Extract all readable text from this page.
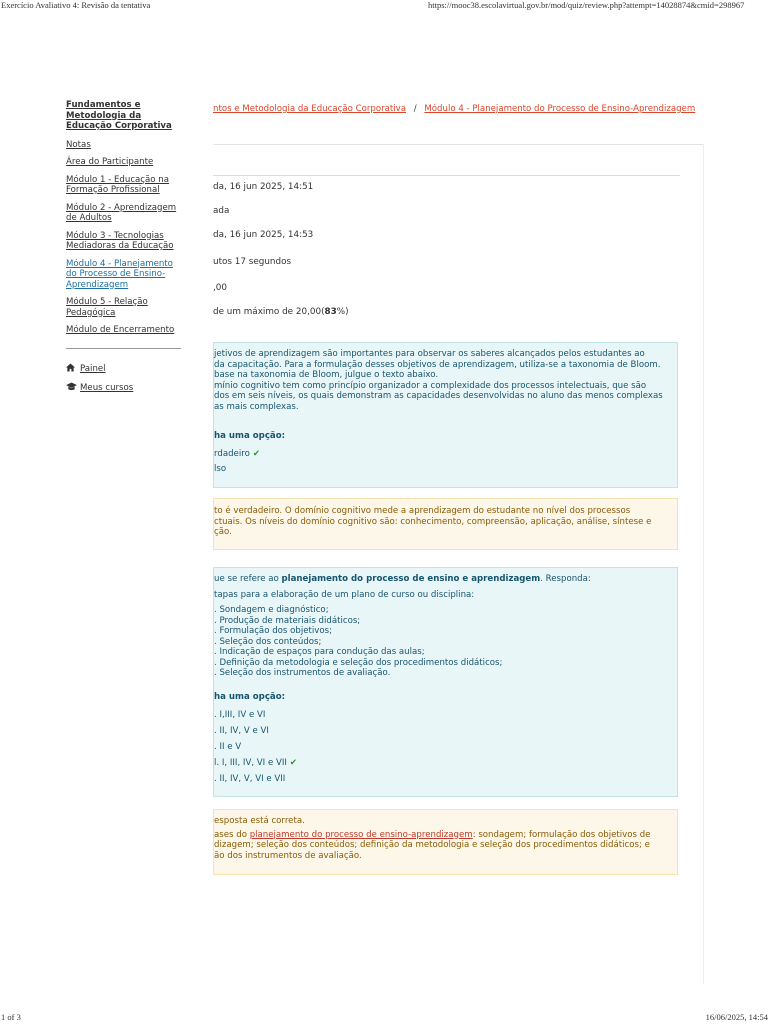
Exercício Avaliativo 4: Revisão da tentativa	https://mooc38.escolavirtual.gov.br/mod/quiz/review.php?attempt=14028874&cmid=298967
Fundamentos e Metodologia da Educação Corporativa
Notas
Área do Participante
Módulo 1 - Educação na Formação Profissional
Módulo 2 - Aprendizagem de Adultos
Módulo 3 - Tecnologias Mediadoras da Educação
Módulo 4 - Planejamento do Processo de Ensino-Aprendizagem
Módulo 5 - Relação Pedagógica
Módulo de Encerramento
Painel
Meus cursos
ntos e Metodologia da Educação Corporativa / Módulo 4 - Planejamento do Processo de Ensino-Aprendizagem
da, 16 jun 2025, 14:51
ada
da, 16 jun 2025, 14:53
utos 17 segundos
,00
de um máximo de 20,00(83%)

jetivos de aprendizagem são importantes para observar os saberes alcançados pelos estudantes ao

da capacitação. Para a formulação desses objetivos de aprendizagem, utiliza-se a taxonomia de Bloom.

base na taxonomia de Bloom, julgue o texto abaixo.

mínio cognitivo tem como princípio organizador a complexidade dos processos intelectuais, que são

dos em seis níveis, os quais demonstram as capacidades desenvolvidas no aluno das menos complexas

as mais complexas.

ha uma opção:

rdadeiro ✔
lso

to é verdadeiro. O domínio cognitivo mede a aprendizagem do estudante no nível dos processos

ctuais. Os níveis do domínio cognitivo são: conhecimento, compreensão, aplicação, análise, síntese e

ção.

ue se refere ao planejamento do processo de ensino e aprendizagem. Responda:

tapas para a elaboração de um plano de curso ou disciplina:

. Sondagem e diagnóstico;

. Produção de materiais didáticos;

. Formulação dos objetivos;

. Seleção dos conteúdos;

. Indicação de espaços para condução das aulas;

. Definição da metodologia e seleção dos procedimentos didáticos;

. Seleção dos instrumentos de avaliação.

ha uma opção:

. I,III, IV e VI
. II, IV, V e VI
. II e V
l. I, III, IV, VI e VII ✔
. II, IV, V, VI e VII

esposta está correta.

ases do planejamento do processo de ensino-aprendizagem: sondagem; formulação dos objetivos de

dizagem; seleção dos conteúdos; definição da metodologia e seleção dos procedimentos didáticos; e

ão dos instrumentos de avaliação.

1 of 3	16/06/2025, 14:54
